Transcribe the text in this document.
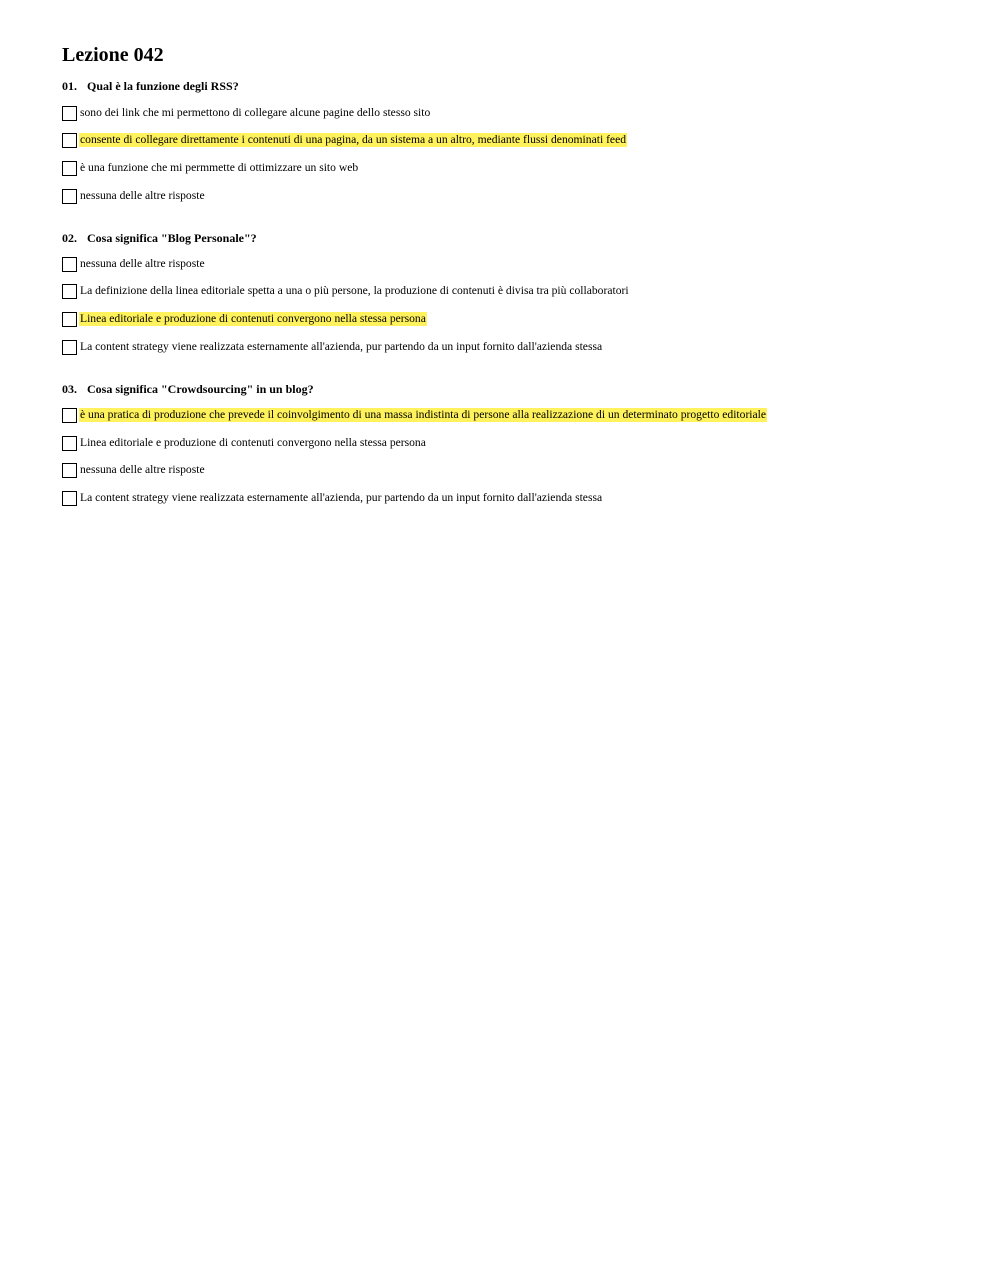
Lezione 042
01. Qual è la funzione degli RSS?
sono dei link che mi permettono di collegare alcune pagine dello stesso sito
consente di collegare direttamente i contenuti di una pagina, da un sistema a un altro, mediante flussi denominati feed
è una funzione che mi permmette di ottimizzare un sito web
nessuna delle altre risposte
02. Cosa significa "Blog Personale"?
nessuna delle altre risposte
La definizione della linea editoriale spetta a una o più persone, la produzione di contenuti è divisa tra più collaboratori
Linea editoriale e produzione di contenuti convergono nella stessa persona
La content strategy viene realizzata esternamente all'azienda, pur partendo da un input fornito dall'azienda stessa
03. Cosa significa "Crowdsourcing" in un blog?
è una pratica di produzione che prevede il coinvolgimento di una massa indistinta di persone alla realizzazione di un determinato progetto editoriale
Linea editoriale e produzione di contenuti convergono nella stessa persona
nessuna delle altre risposte
La content strategy viene realizzata esternamente all'azienda, pur partendo da un input fornito dall'azienda stessa
